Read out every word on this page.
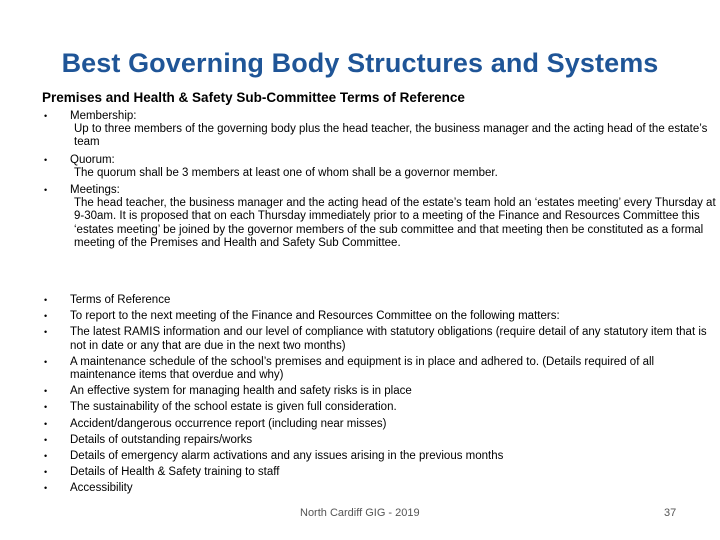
Best Governing Body Structures and Systems
Premises and Health & Safety Sub-Committee Terms of Reference
• Membership:
Up to three members of the governing body plus the head teacher, the business manager and the acting head of the estate’s team
• Quorum:
The quorum shall be 3 members at least one of whom shall be a governor member.
• Meetings:
The head teacher, the business manager and the acting head of the estate’s team hold an ‘estates meeting’ every Thursday at 9-30am. It is proposed that on each Thursday immediately prior to a meeting of the Finance and Resources Committee this ‘estates meeting’ be joined by the governor members of the sub committee and that meeting then be constituted as a formal meeting of the Premises and Health and Safety Sub Committee.
• Terms of Reference
• To report to the next meeting of the Finance and Resources Committee on the following matters:
• The latest RAMIS information and our level of compliance with statutory obligations (require detail of any statutory item that is not in date or any that are due in the next two months)
• A maintenance schedule of the school’s premises and equipment is in place and adhered to. (Details required of all maintenance items that overdue and why)
• An effective system for managing health and safety risks is in place
• The sustainability of the school estate is given full consideration.
• Accident/dangerous occurrence report (including near misses)
• Details of outstanding repairs/works
• Details of emergency alarm activations and any issues arising in the previous months
• Details of Health & Safety training to staff
• Accessibility
North Cardiff GIG - 2019	37
